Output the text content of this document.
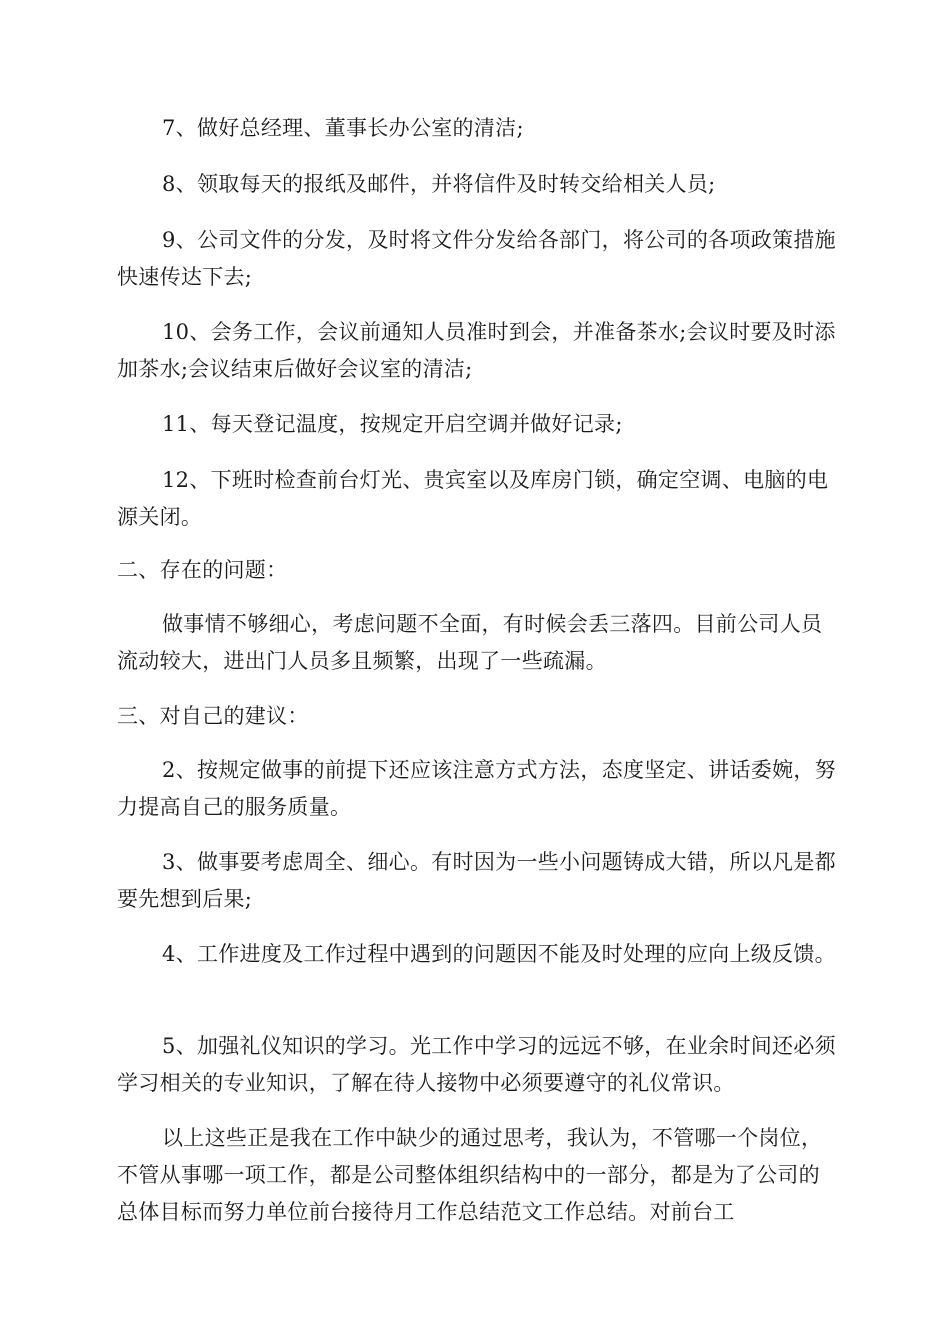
7、做好总经理、董事长办公室的清洁;

8、领取每天的报纸及邮件，并将信件及时转交给相关人员;

9、公司文件的分发，及时将文件分发给各部门，将公司的各项政策措施快速传达下去;

10、会务工作，会议前通知人员准时到会，并准备茶水;会议时要及时添加茶水;会议结束后做好会议室的清洁;

11、每天登记温度，按规定开启空调并做好记录;

12、下班时检查前台灯光、贵宾室以及库房门锁，确定空调、电脑的电源关闭。

二、存在的问题：

做事情不够细心，考虑问题不全面，有时候会丢三落四。目前公司人员流动较大，进出门人员多且频繁，出现了一些疏漏。

三、对自己的建议：

2、按规定做事的前提下还应该注意方式方法，态度坚定、讲话委婉，努力提高自己的服务质量。

3、做事要考虑周全、细心。有时因为一些小问题铸成大错，所以凡是都要先想到后果;

4、工作进度及工作过程中遇到的问题因不能及时处理的应向上级反馈。

5、加强礼仪知识的学习。光工作中学习的远远不够，在业余时间还必须学习相关的专业知识，了解在待人接物中必须要遵守的礼仪常识。

以上这些正是我在工作中缺少的通过思考，我认为，不管哪一个岗位，不管从事哪一项工作，都是公司整体组织结构中的一部分，都是为了公司的总体目标而努力单位前台接待月工作总结范文工作总结。对前台工
